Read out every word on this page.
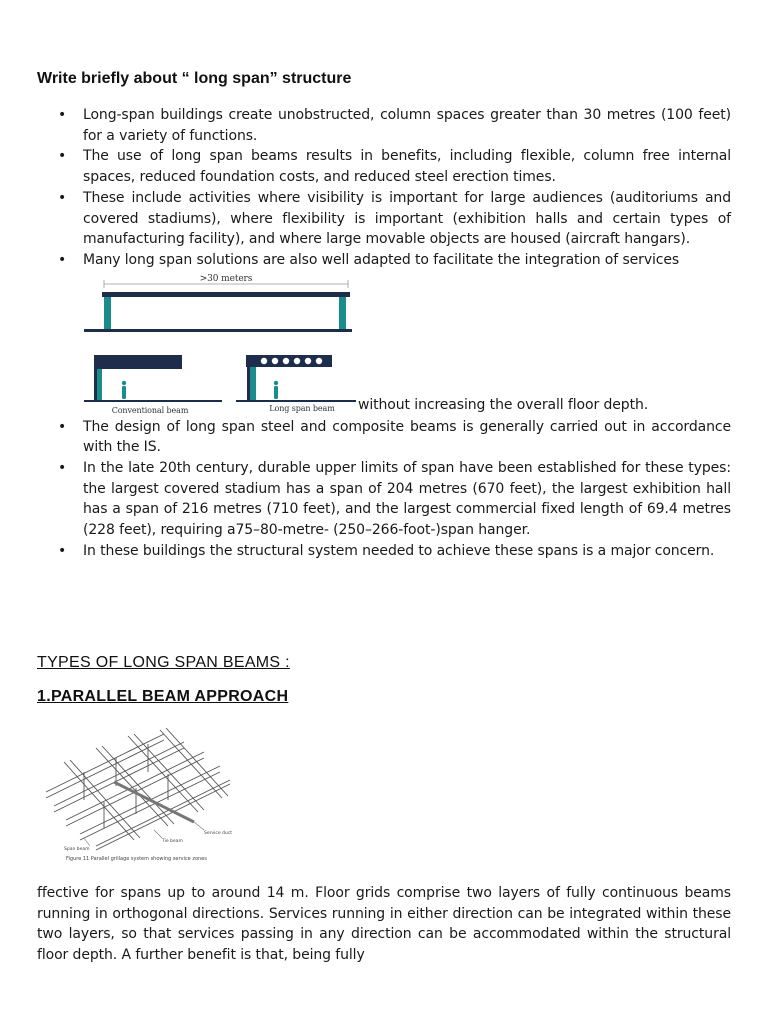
Write briefly about “ long span” structure
• Long-span buildings create unobstructed, column spaces greater than 30 metres (100 feet) for a variety of functions.
• The use of long span beams results in benefits, including flexible, column free internal spaces, reduced foundation costs, and reduced steel erection times.
• These include activities where visibility is important for large audiences (auditoriums and covered stadiums), where flexibility is important (exhibition halls and certain types of manufacturing facility), and where large movable objects are housed (aircraft hangars).
• Many long span solutions are also well adapted to facilitate the integration of services
>30 meters
Conventional beam	Long span beam without increasing the overall floor depth.
• The design of long span steel and composite beams is generally carried out in accordance with the IS.
• In the late 20th century, durable upper limits of span have been established for these types: the largest covered stadium has a span of 204 metres (670 feet), the largest exhibition hall has a span of 216 metres (710 feet), and the largest commercial fixed length of 69.4 metres (228 feet), requiring a75–80-metre- (250–266-foot-)span hanger.
• In these buildings the structural system needed to achieve these spans is a major concern.
TYPES OF LONG SPAN BEAMS :
1.PARALLEL BEAM APPROACH
Service duct
Tie beam
Span beam
Figure 11 Parallel grillage system showing service zones

ffective for spans up to around 14 m. Floor grids comprise two layers of fully continuous beams running in orthogonal directions. Services running in either direction can be integrated within these two layers, so that services passing in any direction can be accommodated within the structural floor depth. A further benefit is that, being fully
